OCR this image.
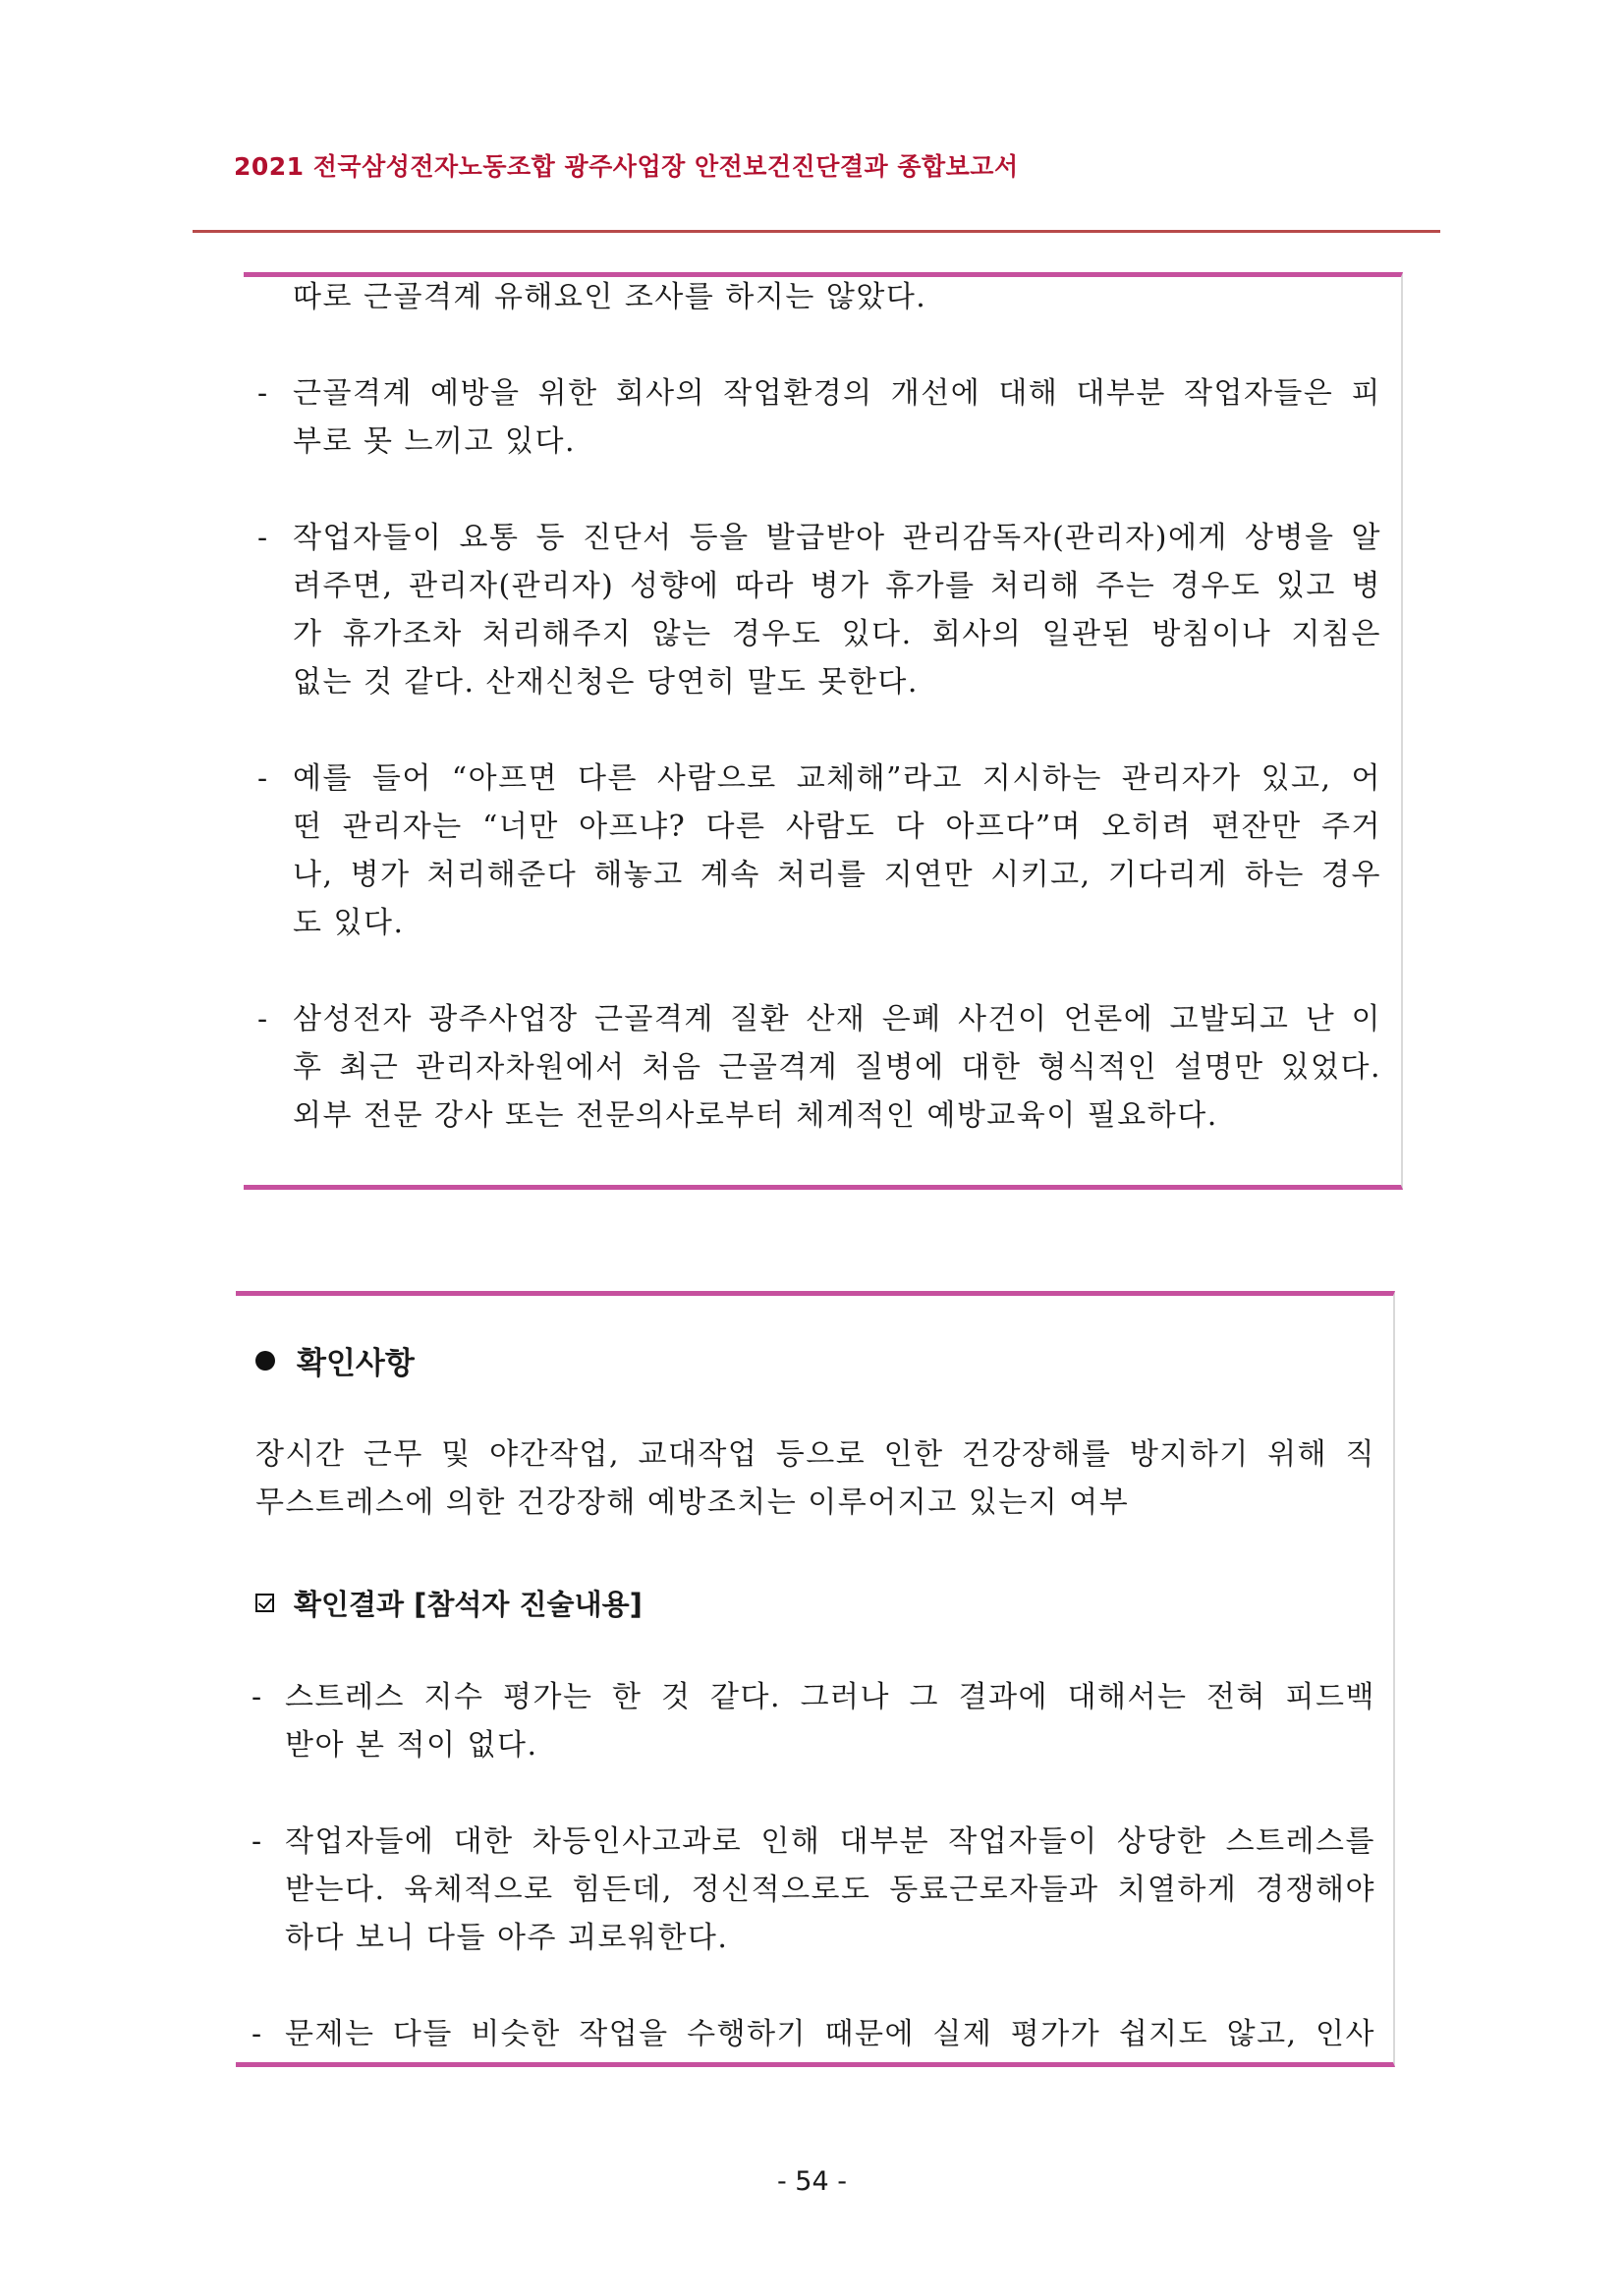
2021 전국삼성전자노동조합 광주사업장 안전보건진단결과 종합보고서
따로 근골격계 유해요인 조사를 하지는 않았다.
- 근골격계 예방을 위한 회사의 작업환경의 개선에 대해 대부분 작업자들은 피
부로 못 느끼고 있다.
- 작업자들이 요통 등 진단서 등을 발급받아 관리감독자(관리자)에게 상병을 알
려주면, 관리자(관리자) 성향에 따라 병가 휴가를 처리해 주는 경우도 있고 병
가 휴가조차 처리해주지 않는 경우도 있다. 회사의 일관된 방침이나 지침은
없는 것 같다. 산재신청은 당연히 말도 못한다.
- 예를 들어 “아프면 다른 사람으로 교체해”라고 지시하는 관리자가 있고, 어
떤 관리자는 “너만 아프냐? 다른 사람도 다 아프다”며 오히려 편잔만 주거
나, 병가 처리해준다 해놓고 계속 처리를 지연만 시키고, 기다리게 하는 경우
도 있다.
- 삼성전자 광주사업장 근골격계 질환 산재 은폐 사건이 언론에 고발되고 난 이
후 최근 관리자차원에서 처음 근골격계 질병에 대한 형식적인 설명만 있었다.
외부 전문 강사 또는 전문의사로부터 체계적인 예방교육이 필요하다.
확인사항
장시간 근무 및 야간작업, 교대작업 등으로 인한 건강장해를 방지하기 위해 직
무스트레스에 의한 건강장해 예방조치는 이루어지고 있는지 여부
확인결과 [참석자 진술내용]
- 스트레스 지수 평가는 한 것 같다. 그러나 그 결과에 대해서는 전혀 피드백
받아 본 적이 없다.
- 작업자들에 대한 차등인사고과로 인해 대부분 작업자들이 상당한 스트레스를
받는다. 육체적으로 힘든데, 정신적으로도 동료근로자들과 치열하게 경쟁해야
하다 보니 다들 아주 괴로워한다.
- 문제는 다들 비슷한 작업을 수행하기 때문에 실제 평가가 쉽지도 않고, 인사
- 54 -
